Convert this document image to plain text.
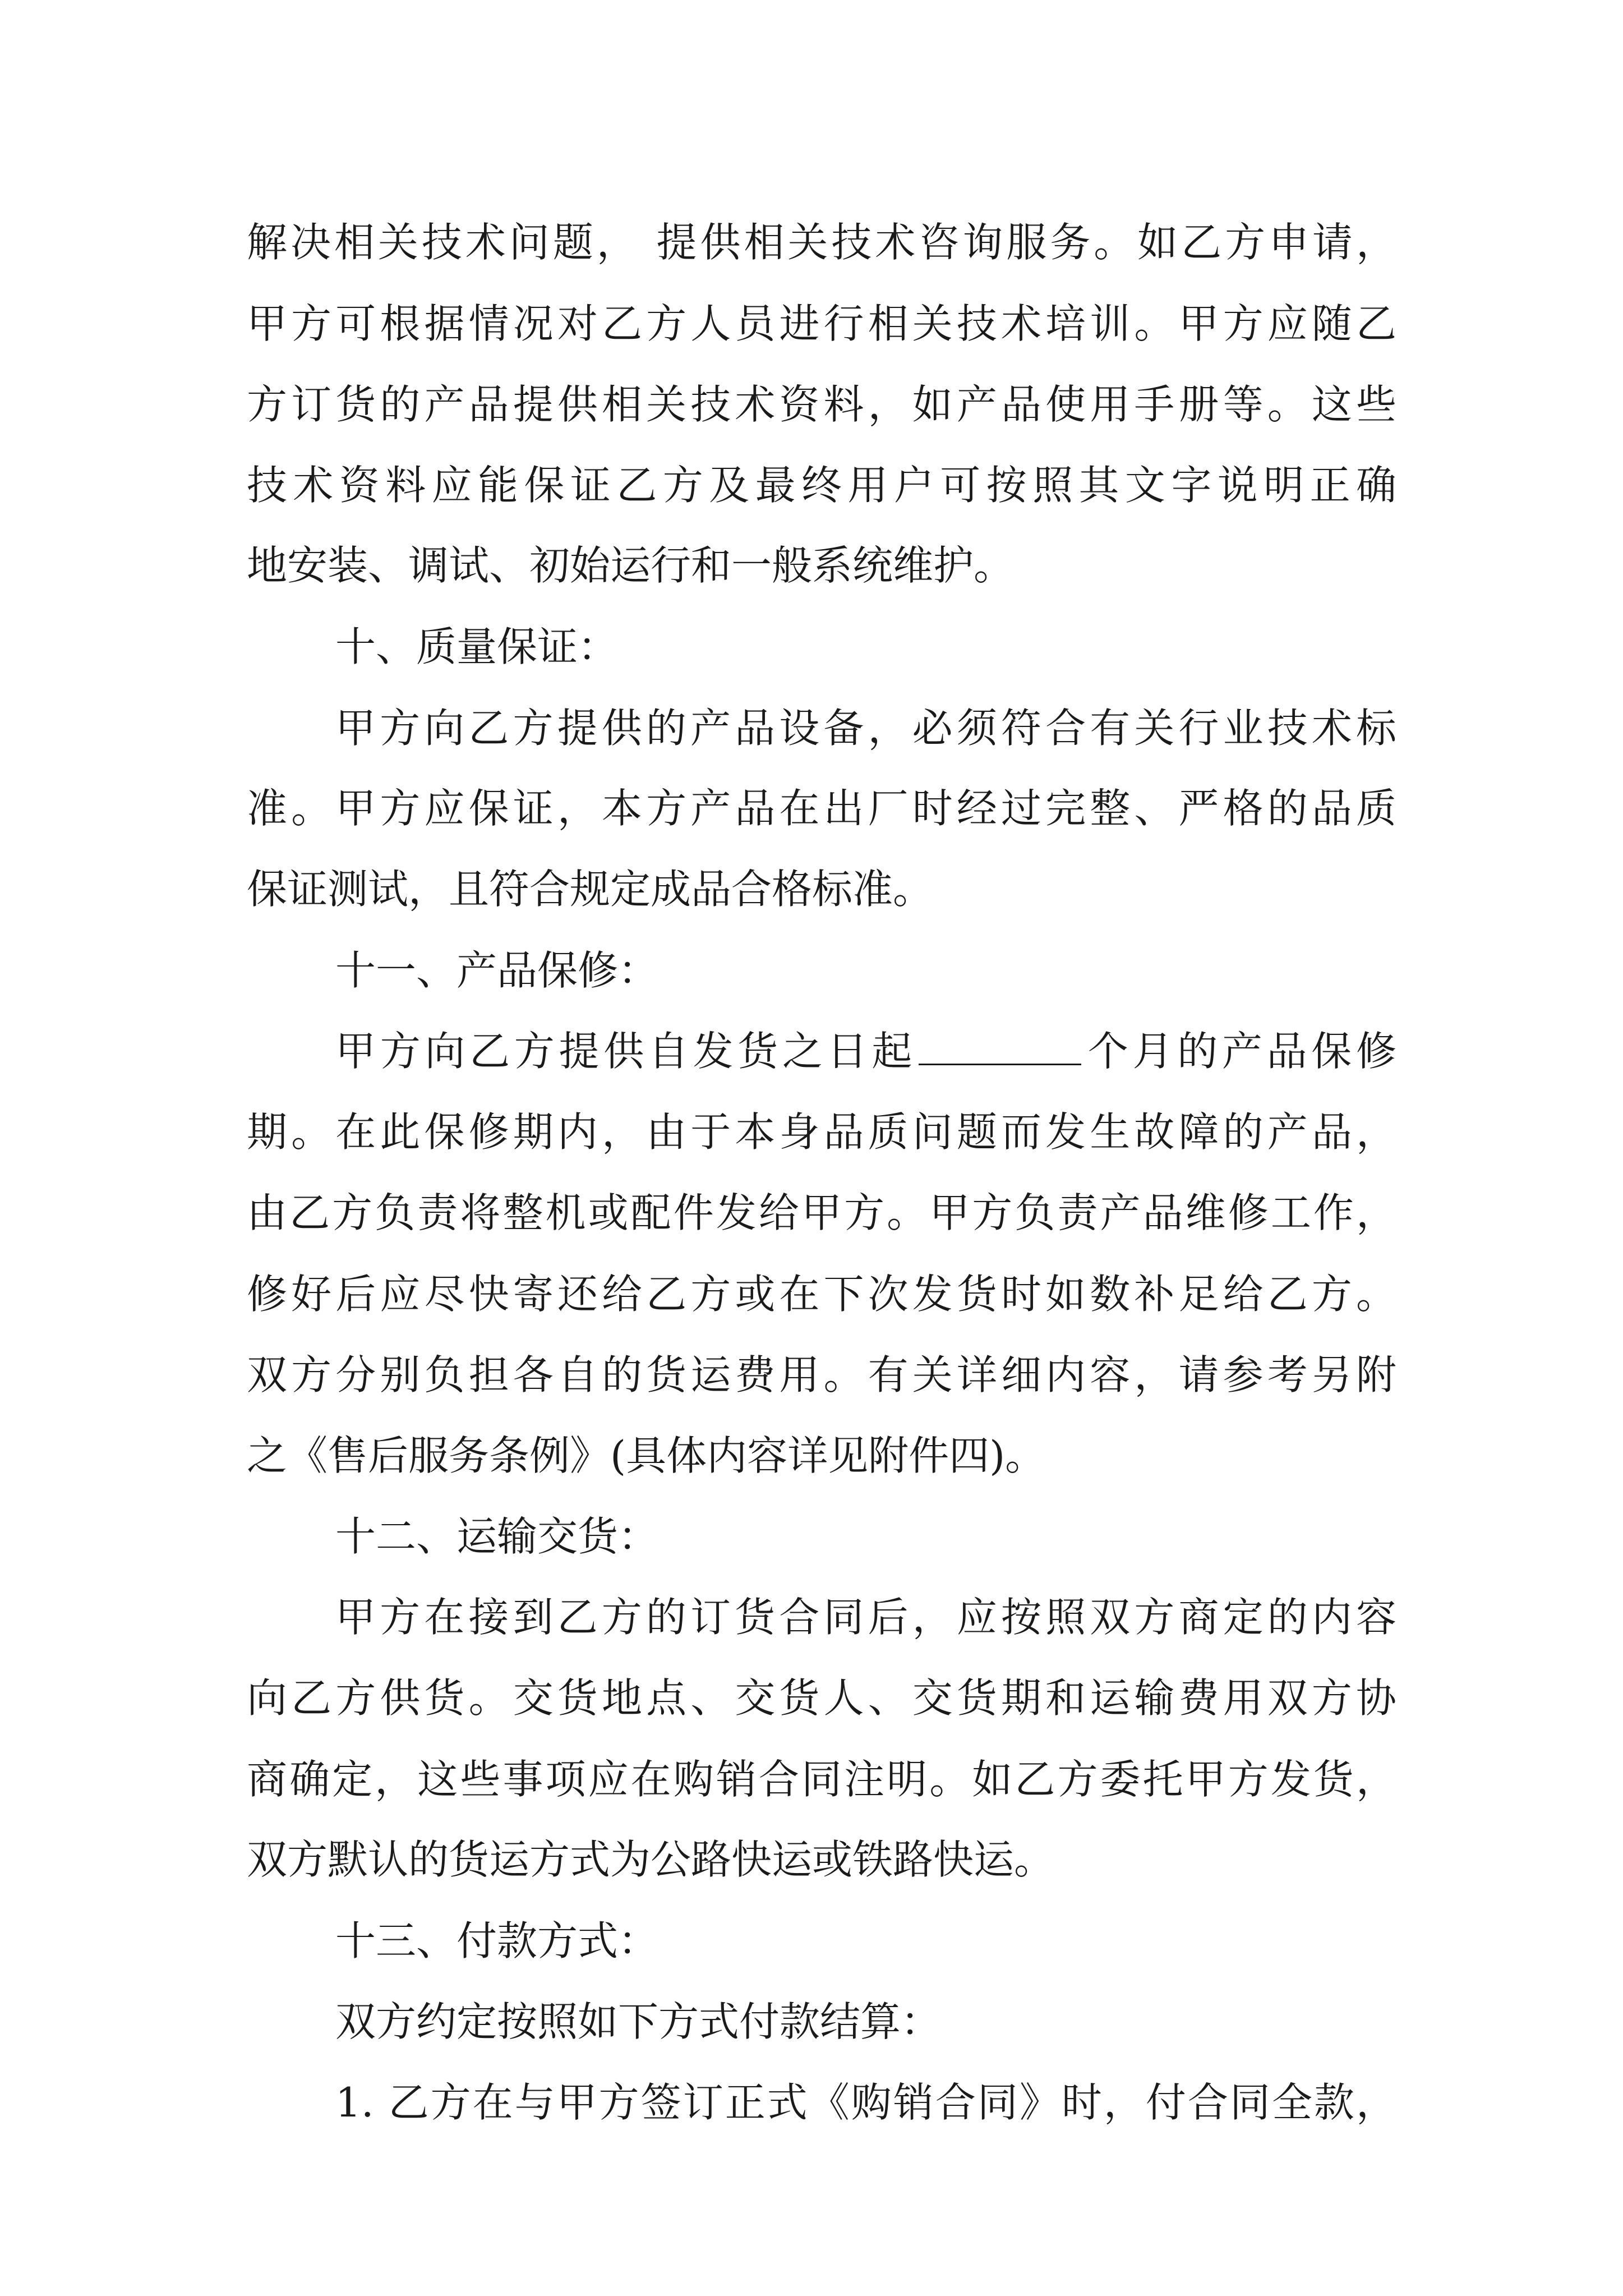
解决相关技术问题， 提供相关技术咨询服务。如乙方申请，
甲方可根据情况对乙方人员进行相关技术培训。甲方应随乙
方订货的产品提供相关技术资料，如产品使用手册等。这些
技术资料应能保证乙方及最终用户可按照其文字说明正确
地安装、调试、初始运行和一般系统维护。
十、质量保证：
甲方向乙方提供的产品设备，必须符合有关行业技术标
准。甲方应保证，本方产品在出厂时经过完整、严格的品质
保证测试，且符合规定成品合格标准。
十一、产品保修：
甲方向乙方提供自发货之日起	个月的产品保修
期。在此保修期内，由于本身品质问题而发生故障的产品，
由乙方负责将整机或配件发给甲方。甲方负责产品维修工作，
修好后应尽快寄还给乙方或在下次发货时如数补足给乙方。
双方分别负担各自的货运费用。有关详细内容，请参考另附
之《售后服务条例》(具体内容详见附件四)。
十二、运输交货：
甲方在接到乙方的订货合同后，应按照双方商定的内容
向乙方供货。交货地点、交货人、交货期和运输费用双方协
商确定，这些事项应在购销合同注明。如乙方委托甲方发货，
双方默认的货运方式为公路快运或铁路快运。
十三、付款方式：
双方约定按照如下方式付款结算：
1. 乙方在与甲方签订正式《购销合同》时，付合同全款，
